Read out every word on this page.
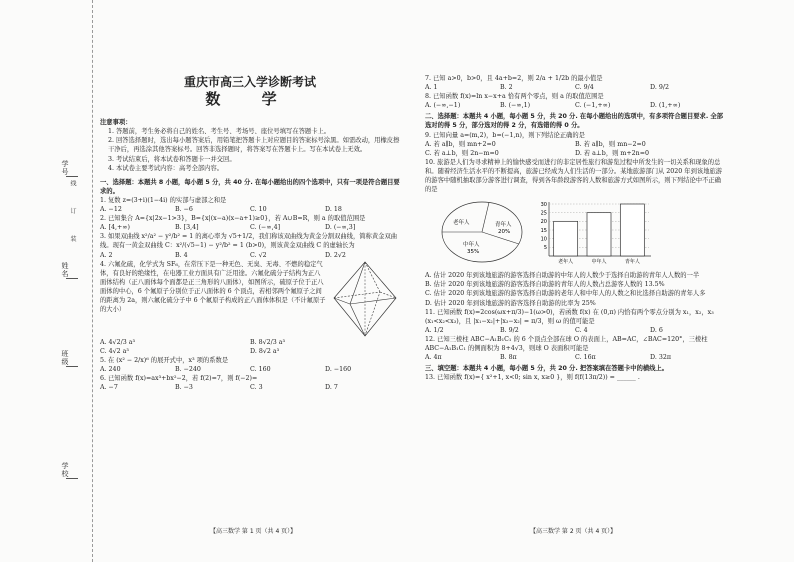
学号
姓名
班级
学校
线 订 装
重庆市高三入学诊断考试
数 学
注意事项：
1. 答题前，考生务必将自己的姓名、考生号、考场号、座位号填写在答题卡上。
2. 回答选择题时，选出每小题答案后，用铅笔把答题卡上对应题目的答案标号涂黑。如需改动，用橡皮擦干净后，再选涂其他答案标号。回答非选择题时，将答案写在答题卡上。写在本试卷上无效。
3. 考试结束后，将本试卷和答题卡一并交回。
4. 本试卷主要考试内容：高考全部内容。
一、选择题：本题共 8 小题，每小题 5 分，共 40 分. 在每小题给出的四个选项中，只有一项是符合题目要求的。
1. 复数 z=(3+i)(1−4i) 的实部与虚部之和是
A. −12	B. −6	C. 10	D. 18
2. 已知集合 A={x|2x−1>3}，B={x|(x−a)(x−a+1)≥0}，若 A∪B=R，则 a 的取值范围是
A. [4,+∞)	B. [3,4]	C. (−∞,4]	D. (−∞,3]
3. 如果双曲线 x²/a² − y²/b² = 1 的离心率为 √5+1/2，我们称该双曲线为黄金分割双曲线，简称黄金双曲线。现有一黄金双曲线 C：x²/(√5−1) − y²/b² = 1 (b>0)，则该黄金双曲线 C 的虚轴长为
A. 2	B. 4	C. √2	D. 2√2
4. 六氟化硫，化学式为 SF₆，在常压下是一种无色、无臭、无毒、不燃的稳定气体，有良好的绝缘性，在电器工业方面具有广泛用途。六氟化硫分子结构为正八面体结构（正八面体每个面都是正三角形的八面体），如图所示，硫原子位于正八面体的中心，6 个氟原子分别位于正八面体的 6 个顶点，若相邻两个氟原子之间的距离为 2a，则六氟化硫分子中 6 个氟原子构成的正八面体体积是（不计氟原子的大小）
A. 4√2/3 a³	B. 8√2/3 a³
C. 4√2 a³	D. 8√2 a³
5. 在 (x² − 2/x)⁶ 的展开式中，x³ 项的系数是
A. 240	B. −240	C. 160	D. −160
6. 已知函数 f(x)=ax³+bx²−2，若 f(2)=7，则 f(−2)=
A. −7	B. −3	C. 3	D. 7
7. 已知 a>0，b>0，且 4a+b=2，则 2/a + 1/2b 的最小值是
A. 1	B. 2	C. 9/4	D. 9/2
8. 已知函数 f(x)=ln x−x+a 恰有两个零点，则 a 的取值范围是
A. (−∞,−1)	B. (−∞,1)	C. (−1,+∞)	D. (1,+∞)
二、选择题：本题共 4 小题，每小题 5 分，共 20 分. 在每小题给出的选项中，有多项符合题目要求. 全部选对的得 5 分，部分选对的得 2 分，有选错的得 0 分。
9. 已知向量 a=(m,2)，b=(−1,n)，则下列结论正确的是
A. 若 a∥b，则 mn+2=0	B. 若 a∥b，则 mn−2=0
C. 若 a⊥b，则 2n−m=0	D. 若 a⊥b，则 m+2n=0
10. 旅游是人们为寻求精神上的愉快感受而进行的非定居性旅行和游览过程中所发生的一切关系和现象的总和。随着经济生活水平的不断提高，旅游已经成为人们生活的一部分。某地旅游部门从 2020 年到该地旅游的游客中随机抽取部分游客进行调查，得到各年龄段游客的人数和旅游方式如图所示，则下列结论中不正确的是
老年人
中年人
35%
青年人
20%
5
10
15
20
25
30
老年人	中年人	青年人
A. 估计 2020 年到该地旅游的游客选择自助游的中年人的人数少于选择自助游的青年人人数的一半
B. 估计 2020 年到该地旅游的游客选择自助游的青年人的人数占总游客人数的 13.5%
C. 估计 2020 年到该地旅游的游客选择自助游的老年人和中年人的人数之和比选择自助游的青年人多
D. 估计 2020 年到该地旅游的游客选择自助游的比率为 25%
11. 已知函数 f(x)=2cos(ωx+π/3)−1(ω>0)，若函数 f(x) 在 (0,π) 内恰有两个零点分别为 x₁，x₂，x₃ (x₁<x₂<x₃)，且 |x₁−x₂|+|x₃−x₂| = π/3，则 ω 的值可能是
A. 1/2	B. 9/2	C. 4	D. 6
12. 已知三棱柱 ABC−A₁B₁C₁ 的 6 个顶点全部在球 O 的表面上，AB=AC，∠BAC=120°，三棱柱 ABC−A₁B₁C₁ 的侧面积为 8+4√3，则球 O 表面积可能是
A. 4π	B. 8π	C. 16π	D. 32π
三、填空题：本题共 4 小题，每小题 5 分，共 20 分. 把答案填在答题卡中的横线上。
13. 已知函数 f(x)={ x²+1, x<0; sin x, x≥0 }，则 f(f(13π/2)) = ______ .
【高三数学 第 1 页（共 4 页）】	【高三数学 第 2 页（共 4 页）】
